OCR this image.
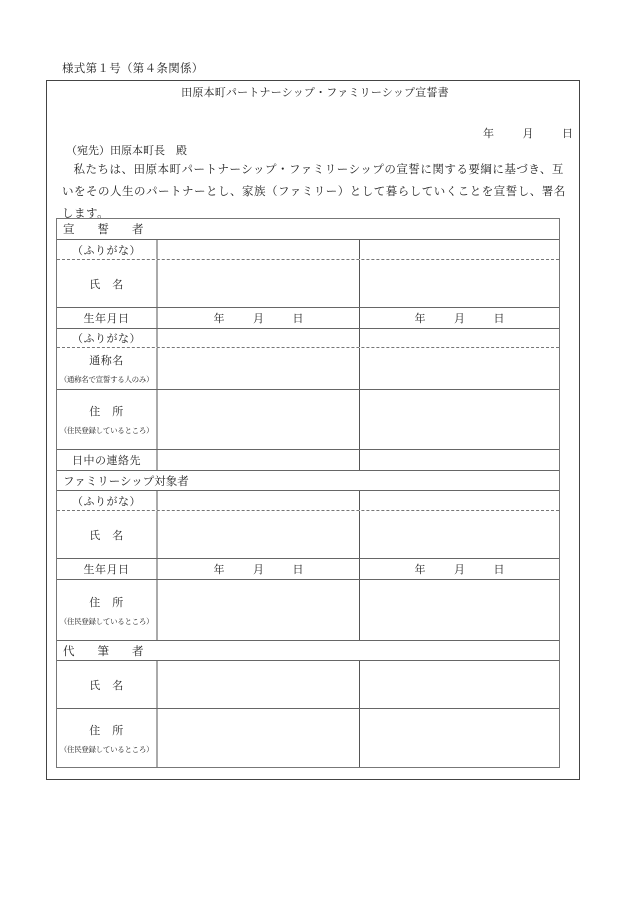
様式第１号（第４条関係）
田原本町パートナーシップ・ファミリーシップ宣誓書
年	月	日
（宛先）田原本町長　殿
私たちは、田原本町パートナーシップ・ファミリーシップの宣誓に関する要綱に基づき、互いをその人生のパートナーとし、家族（ファミリー）として暮らしていくことを宣誓し、署名します。
宣　　誓　　者
（ふりがな）
氏　名
生年月日	年	月	日	年	月	日
（ふりがな）
通称名
（通称名で宣誓する人のみ）
住　所
（住民登録しているところ）
日中の連絡先
ファミリーシップ対象者
（ふりがな）
氏　名
生年月日	年	月	日	年	月	日
住　所
（住民登録しているところ）
代　　筆　　者
氏　名
住　所
（住民登録しているところ）
